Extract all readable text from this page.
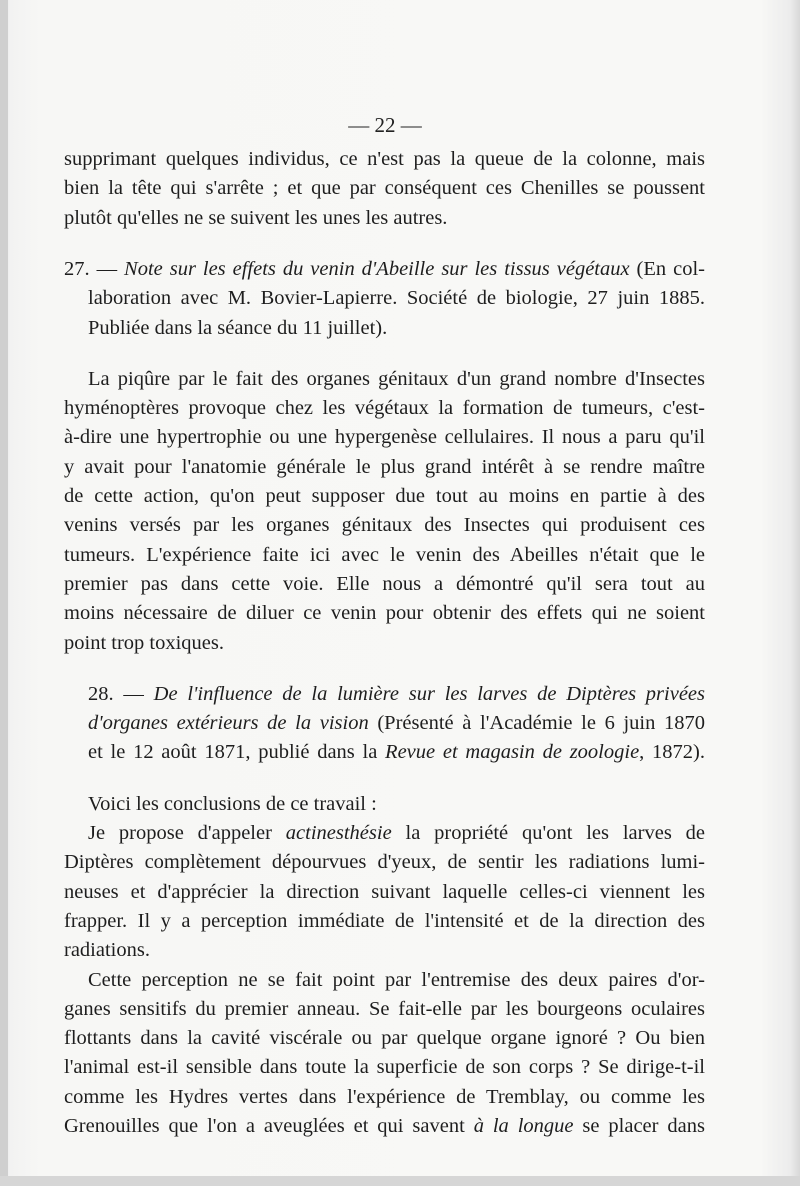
— 22 —
supprimant quelques individus, ce n'est pas la queue de la colonne, mais
bien la tête qui s'arrête ; et que par conséquent ces Chenilles se poussent
plutôt qu'elles ne se suivent les unes les autres.
27. — Note sur les effets du venin d'Abeille sur les tissus végétaux (En col-
laboration avec M. Bovier-Lapierre. Société de biologie, 27 juin 1885.
Publiée dans la séance du 11 juillet).
La piqûre par le fait des organes génitaux d'un grand nombre d'Insectes
hyménoptères provoque chez les végétaux la formation de tumeurs, c'est-
à-dire une hypertrophie ou une hypergenèse cellulaires. Il nous a paru qu'il
y avait pour l'anatomie générale le plus grand intérêt à se rendre maître
de cette action, qu'on peut supposer due tout au moins en partie à des
venins versés par les organes génitaux des Insectes qui produisent ces
tumeurs. L'expérience faite ici avec le venin des Abeilles n'était que le
premier pas dans cette voie. Elle nous a démontré qu'il sera tout au
moins nécessaire de diluer ce venin pour obtenir des effets qui ne soient
point trop toxiques.
28. — De l'influence de la lumière sur les larves de Diptères privées
d'organes extérieurs de la vision (Présenté à l'Académie le 6 juin 1870
et le 12 août 1871, publié dans la Revue et magasin de zoologie, 1872).
Voici les conclusions de ce travail :
Je propose d'appeler actinesthésie la propriété qu'ont les larves de
Diptères complètement dépourvues d'yeux, de sentir les radiations lumi-
neuses et d'apprécier la direction suivant laquelle celles-ci viennent les
frapper. Il y a perception immédiate de l'intensité et de la direction des
radiations.
Cette perception ne se fait point par l'entremise des deux paires d'or-
ganes sensitifs du premier anneau. Se fait-elle par les bourgeons oculaires
flottants dans la cavité viscérale ou par quelque organe ignoré ? Ou bien
l'animal est-il sensible dans toute la superficie de son corps ? Se dirige-t-il
comme les Hydres vertes dans l'expérience de Tremblay, ou comme les
Grenouilles que l'on a aveuglées et qui savent à la longue se placer dans
